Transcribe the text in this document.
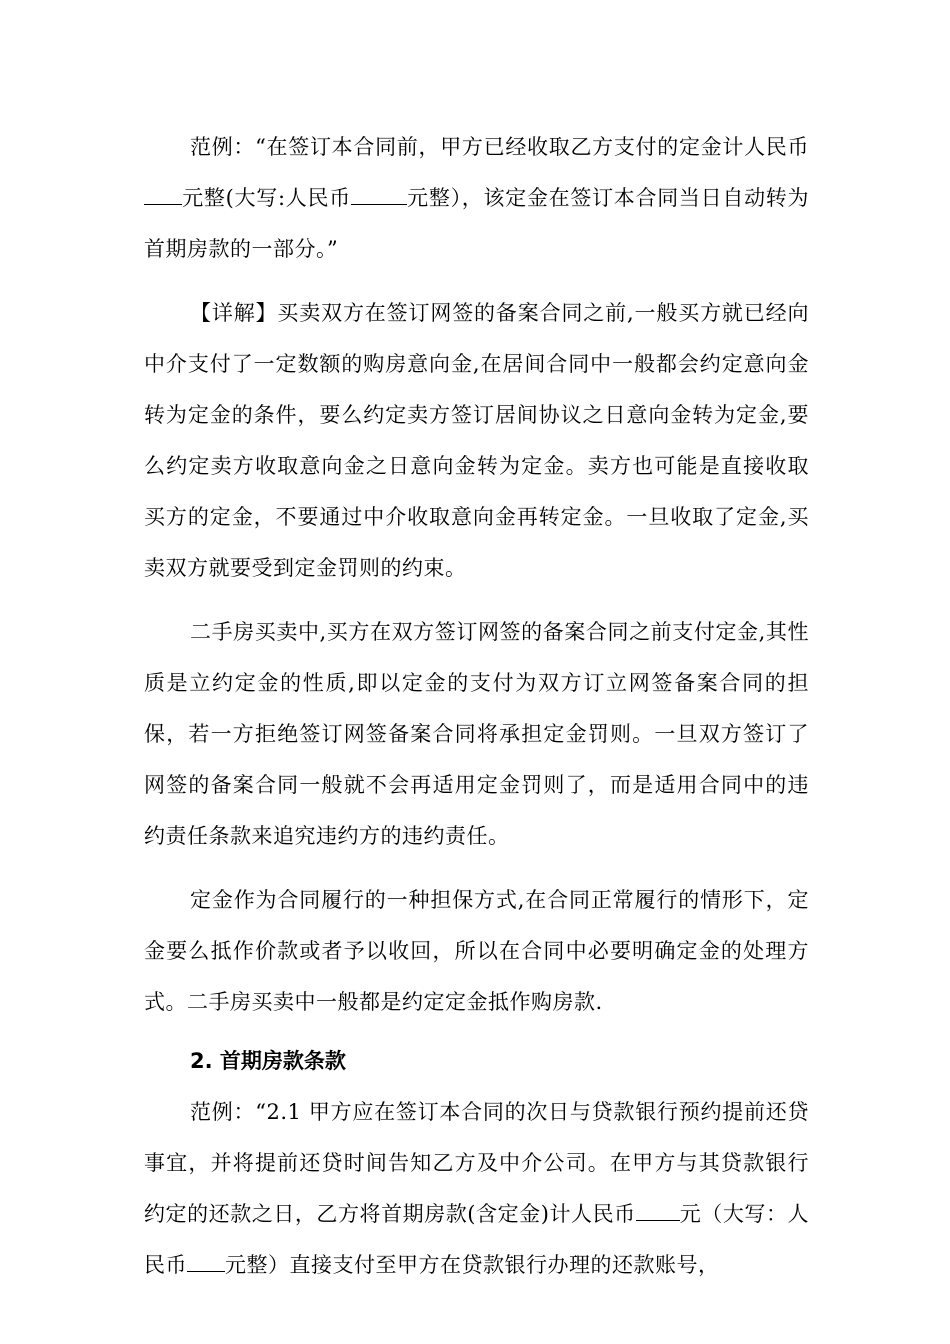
范例：“在签订本合同前，甲方已经收取乙方支付的定金计人民币元整(大写:人民币	元整），该定金在签订本合同当日自动转为首期房款的一部分。”

【详解】买卖双方在签订网签的备案合同之前,一般买方就已经向中介支付了一定数额的购房意向金,在居间合同中一般都会约定意向金转为定金的条件，要么约定卖方签订居间协议之日意向金转为定金,要么约定卖方收取意向金之日意向金转为定金。卖方也可能是直接收取买方的定金，不要通过中介收取意向金再转定金。一旦收取了定金,买卖双方就要受到定金罚则的约束。

二手房买卖中,买方在双方签订网签的备案合同之前支付定金,其性质是立约定金的性质,即以定金的支付为双方订立网签备案合同的担保，若一方拒绝签订网签备案合同将承担定金罚则。一旦双方签订了网签的备案合同一般就不会再适用定金罚则了，而是适用合同中的违约责任条款来追究违约方的违约责任。

定金作为合同履行的一种担保方式,在合同正常履行的情形下，定金要么抵作价款或者予以收回，所以在合同中必要明确定金的处理方式。二手房买卖中一般都是约定定金抵作购房款.

2. 首期房款条款

范例：“2.1 甲方应在签订本合同的次日与贷款银行预约提前还贷事宜，并将提前还贷时间告知乙方及中介公司。在甲方与其贷款银行约定的还款之日，乙方将首期房款(含定金)计人民币 元（大写：人民币 元整）直接支付至甲方在贷款银行办理的还款账号，
